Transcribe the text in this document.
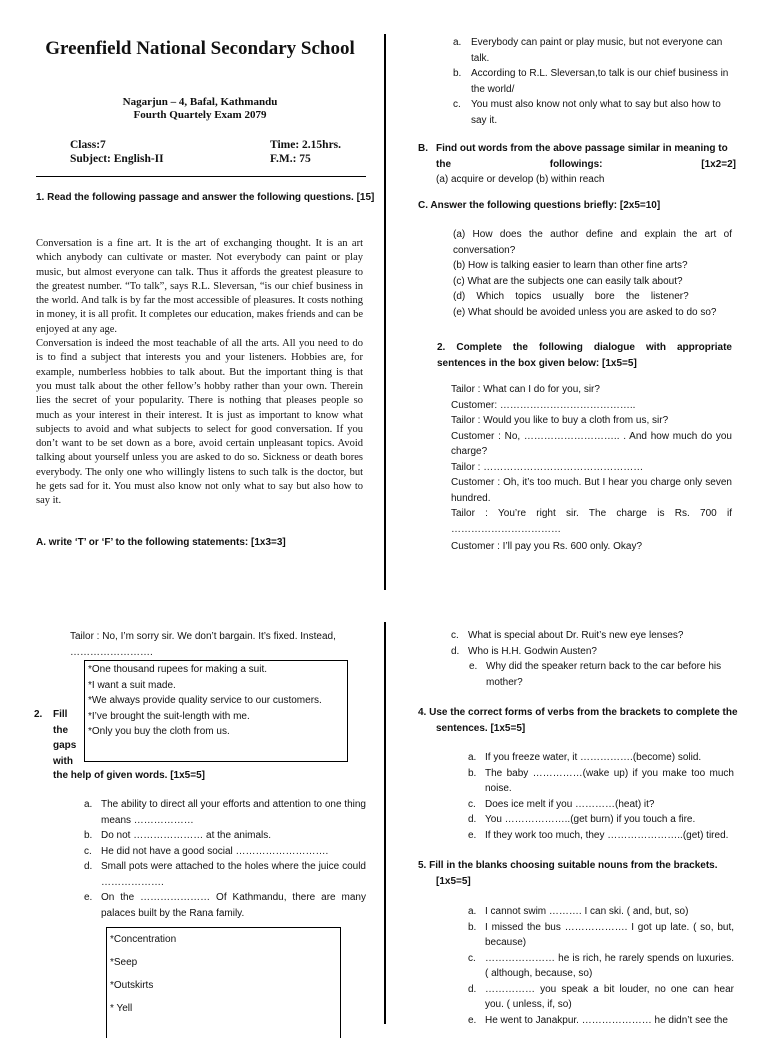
Greenfield National Secondary School
Nagarjun – 4, Bafal, Kathmandu
Fourth Quartely Exam 2079
Class:7
Subject: English-II
Time: 2.15hrs.
F.M.: 75
1. Read the following passage and answer the following questions. [15]

Conversation is a fine art. It is the art of exchanging thought. It is an art which anybody can cultivate or master. Not everybody can paint or play music, but almost everyone can talk. Thus it affords the greatest pleasure to the greatest number. “To talk”, says R.L. Sleversan, “is our chief business in the world. And talk is by far the most accessible of pleasures. It costs nothing in money, it is all profit. It completes our education, makes friends and can be enjoyed at any age.

Conversation is indeed the most teachable of all the arts. All you need to do is to find a subject that interests you and your listeners. Hobbies are, for example, numberless hobbies to talk about. But the important thing is that you must talk about the other fellow’s hobby rather than your own. Therein lies the secret of your popularity. There is nothing that pleases people so much as your interest in their interest. It is just as important to know what subjects to avoid and what subjects to select for good conversation. If you don’t want to be set down as a bore, avoid certain unpleasant topics. Avoid talking about yourself unless you are asked to do so. Sickness or death bores everybody. The only one who willingly listens to such talk is the doctor, but he gets sad for it. You must also know not only what to say but also how to say it.

A. write ‘T’ or ‘F’ to the following statements: [1x3=3]
a. Everybody can paint or play music, but not everyone can talk.
b. According to R.L. Sleversan,to talk is our chief business in the world/
c.	You must also know not only what to say but also how to say it.
B. Find out words from the above passage similar in meaning to
the	followings:	[1x2=2]
(a) acquire or develop (b) within reach
C. Answer the following questions briefly: [2x5=10]
(a) How does the author define and explain the art of conversation?
(b) How is talking easier to learn than other fine arts?
(c) What are the subjects one can easily talk about?
(d)    Which    topics    usually    bore    the    listener?
(e) What should be avoided unless you are asked to do so?
2. Complete the following dialogue with appropriate sentences in the box given below: [1x5=5]
Tailor : What can I do for you, sir?
Customer: …………………………………..
Tailor : Would you like to buy a cloth from us, sir?
Customer : No, ……………………….. . And how much do you charge?
Tailor : …………………………………………
Customer : Oh, it’s too much. But I hear you charge only seven hundred.
Tailor : You’re right sir. The charge is Rs. 700 if ……………………………
Customer : I’ll pay you Rs. 600 only. Okay?
Tailor : No, I’m sorry sir. We don’t bargain. It’s fixed. Instead,
…………………….
*One thousand rupees for making a suit.
*I want a suit made.
*We always provide quality service to our customers.
*I’ve brought the suit-length with me.
*Only you buy the cloth from us.
2. Fill
the
gaps
with
the help of given words. [1x5=5]
a. The ability to direct all your efforts and attention to one thing means ………………
b. Do not ………………… at the animals.
c. He did not have a good social ……………………….
d. Small pots were attached to the holes where the juice could ……………….
e. On the ………………… Of Kathmandu, there are many palaces built by the Rana family.
*Concentration
*Seep
*Outskirts
* Yell
c. What is special about Dr. Ruit’s new eye lenses?
d. Who is H.H. Godwin Austen?
e. Why did the speaker return back to the car before his mother?
4. Use the correct forms of verbs from the brackets to complete the sentences. [1x5=5]
a. If you freeze water, it …………….(become) solid.
b. The baby ……………(wake up) if you make too much noise.
c. Does ice melt if you …………(heat) it?
d. You ………………..(get burn) if you touch a fire.
e. If they work too much, they …………………..(get) tired.
5. Fill in the blanks choosing suitable nouns from the brackets. [1x5=5]
a. I cannot swim ………. I can ski. ( and, but, so)
b. I missed the bus ………………. I got up late. ( so, but, because)
c. ………………… he is rich, he rarely spends on luxuries. ( although, because, so)
d. …………… you speak a bit louder, no one can hear you. ( unless, if, so)
e. He went to Janakpur. ………………… he didn’t see the
